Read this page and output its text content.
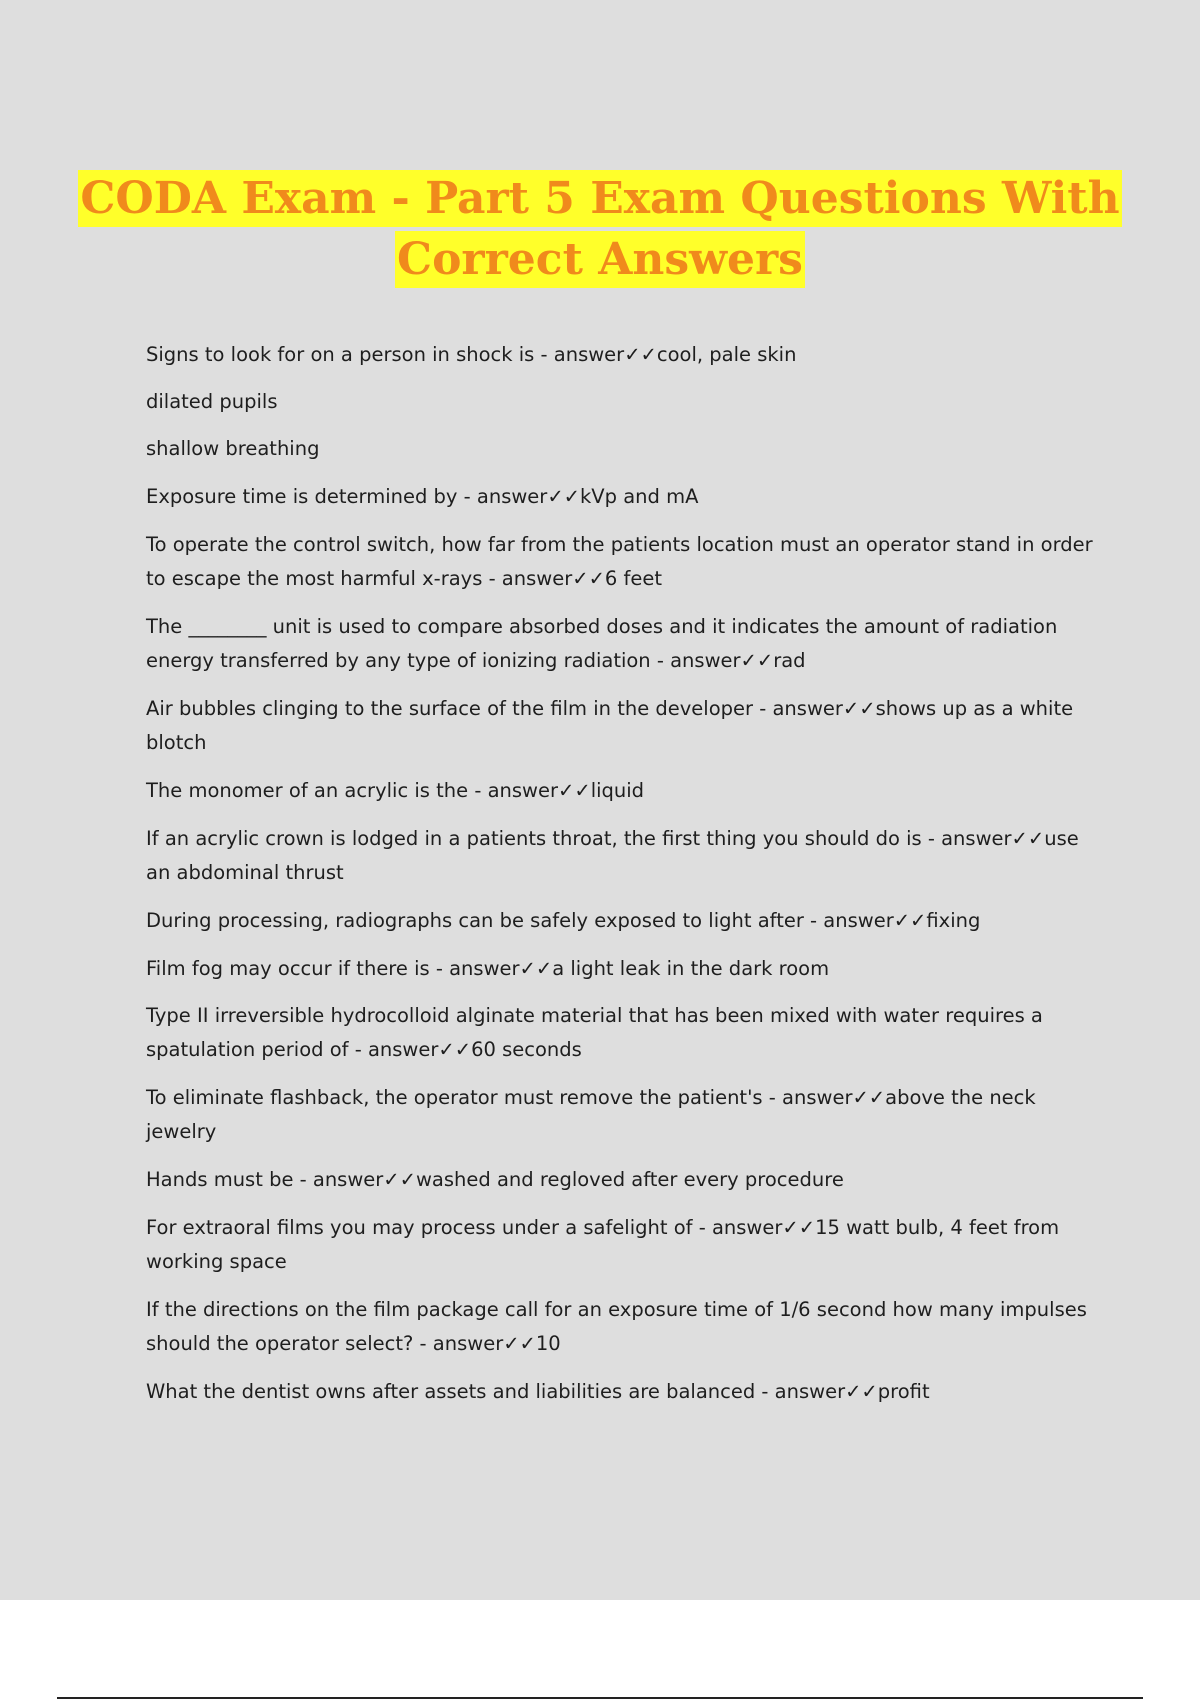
CODA Exam - Part 5 Exam Questions With
Correct Answers

Signs to look for on a person in shock is - answer✓✓cool, pale skin

dilated pupils

shallow breathing

Exposure time is determined by - answer✓✓kVp and mA

To operate the control switch, how far from the patients location must an operator stand in order to escape the most harmful x-rays - answer✓✓6 feet

The ________ unit is used to compare absorbed doses and it indicates the amount of radiation energy transferred by any type of ionizing radiation - answer✓✓rad

Air bubbles clinging to the surface of the film in the developer - answer✓✓shows up as a white blotch

The monomer of an acrylic is the - answer✓✓liquid

If an acrylic crown is lodged in a patients throat, the first thing you should do is - answer✓✓use an abdominal thrust

During processing, radiographs can be safely exposed to light after - answer✓✓fixing

Film fog may occur if there is - answer✓✓a light leak in the dark room

Type II irreversible hydrocolloid alginate material that has been mixed with water requires a spatulation period of - answer✓✓60 seconds

To eliminate flashback, the operator must remove the patient's - answer✓✓above the neck jewelry

Hands must be - answer✓✓washed and regloved after every procedure

For extraoral films you may process under a safelight of - answer✓✓15 watt bulb, 4 feet from working space

If the directions on the film package call for an exposure time of 1/6 second how many impulses should the operator select? - answer✓✓10

What the dentist owns after assets and liabilities are balanced - answer✓✓profit
